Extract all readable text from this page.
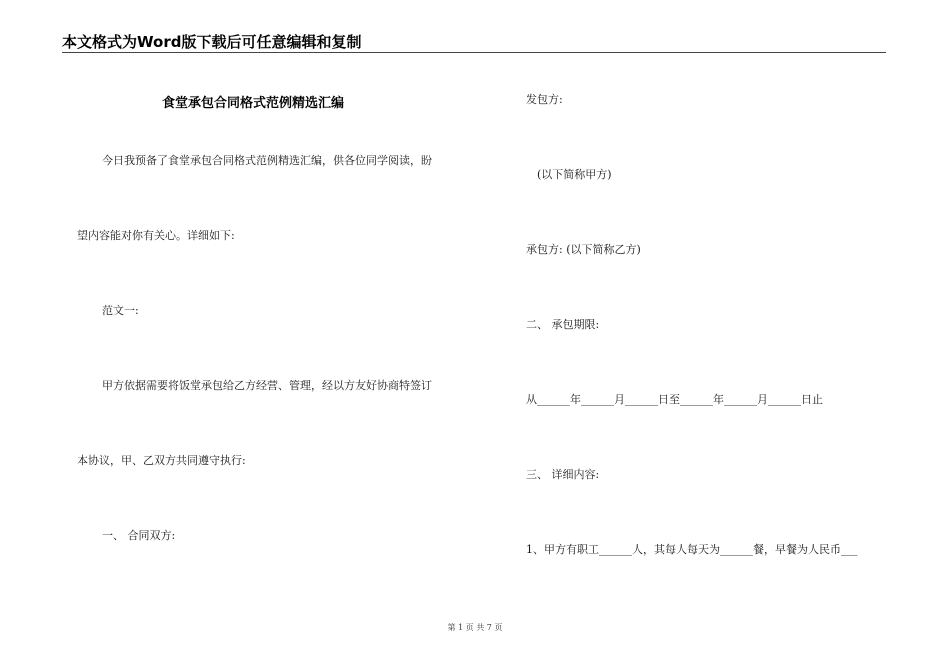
本文格式为Word版下载后可任意编辑和复制
食堂承包合同格式范例精选汇编
今日我预备了食堂承包合同格式范例精选汇编，供各位同学阅读，盼
望内容能对你有关心。详细如下:
范文一:
甲方依据需要将饭堂承包给乙方经营、管理，经以方友好协商特签订
本协议，甲、乙双方共同遵守执行:
一、 合同双方:
发包方:
(以下简称甲方)
承包方: (以下简称乙方)
二、 承包期限:
从______年______月______日至______年______月______日止
三、 详细内容:
1、甲方有职工______人，其每人每天为______餐，早餐为人民币___
第 1 页 共 7 页
